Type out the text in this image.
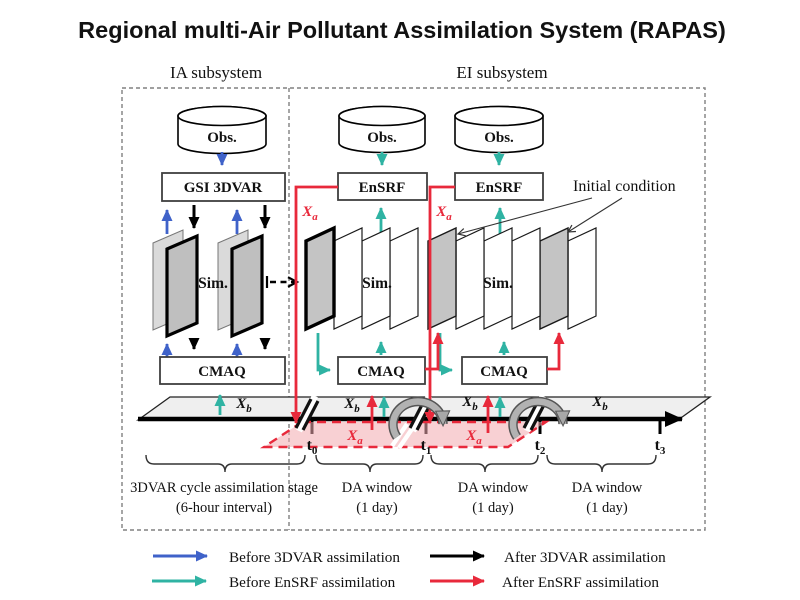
Obs.
GSI 3DVAR
Sim.
CMAQ
Obs.
EnSRF
Sim.
CMAQ
Obs.
EnSRF
Sim.
CMAQ
$X_a$	$X_a$
$X_a$	$X_a$
$X_b$	$X_b$	$X_b$	$X_b$
$t_0$	$t_1$	$t_2$	$t_3$
Initial condition
3DVAR cycle assimilation stage
(6-hour interval)
DA window
(1 day)
DA window
(1 day)
DA window
(1 day)
Before 3DVAR assimilation	After 3DVAR assimilation
Before EnSRF assimilation	After EnSRF assimilation
Regional multi-Air Pollutant Assimilation System (RAPAS)
IA subsystem	EI subsystem
